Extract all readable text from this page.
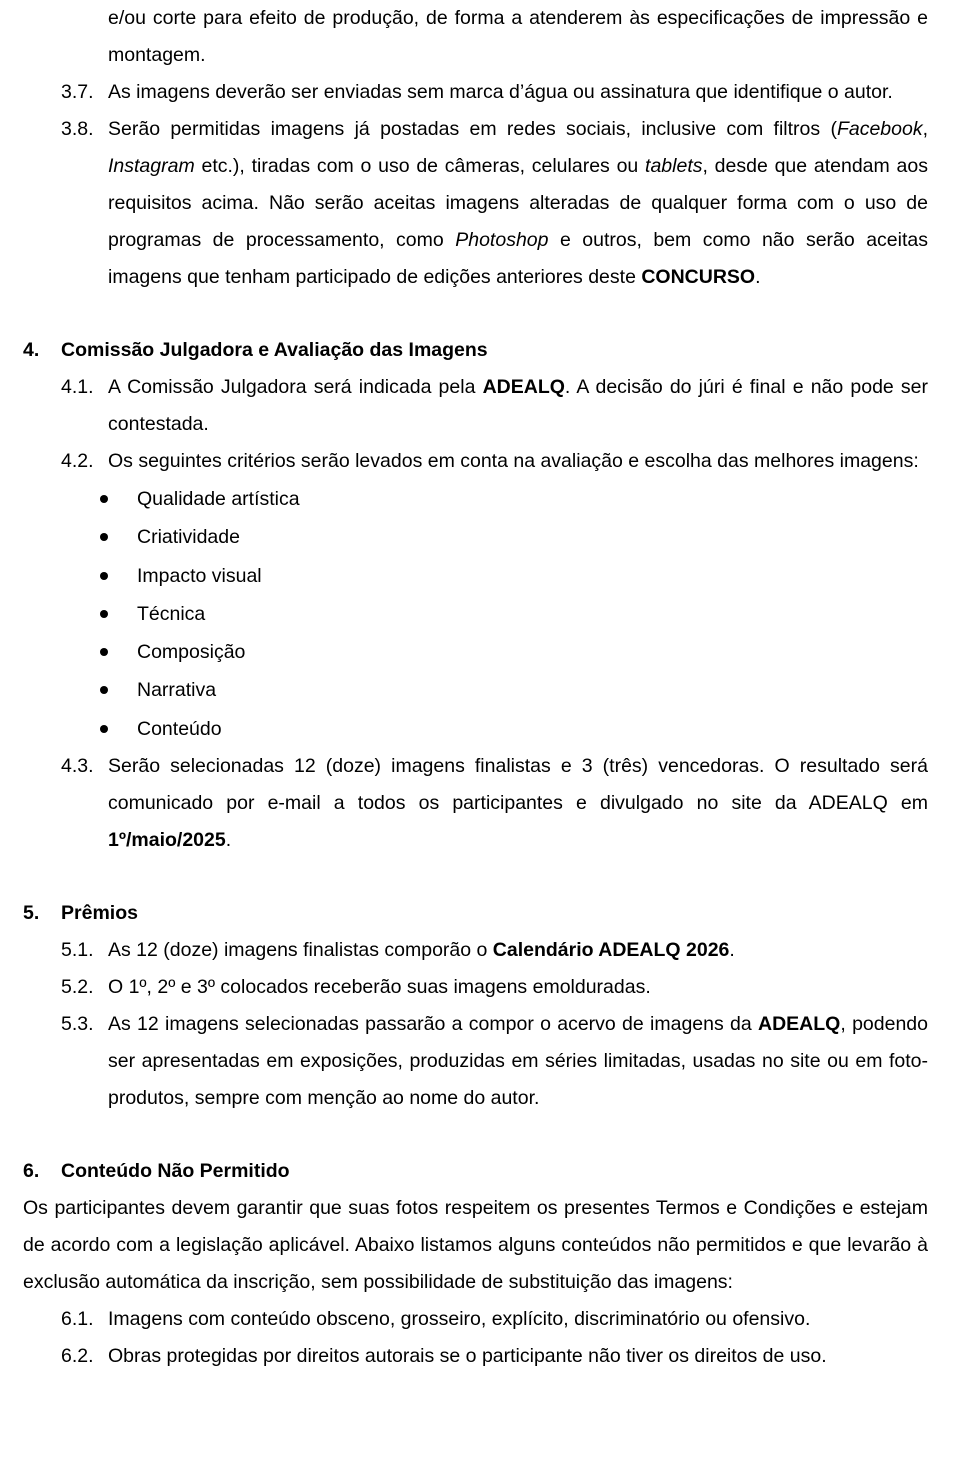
e/ou corte para efeito de produção, de forma a atenderem às especificações de impressão e montagem.
3.7. As imagens deverão ser enviadas sem marca d’água ou assinatura que identifique o autor.
3.8. Serão permitidas imagens já postadas em redes sociais, inclusive com filtros (Facebook, Instagram etc.), tiradas com o uso de câmeras, celulares ou tablets, desde que atendam aos requisitos acima. Não serão aceitas imagens alteradas de qualquer forma com o uso de programas de processamento, como Photoshop e outros, bem como não serão aceitas imagens que tenham participado de edições anteriores deste CONCURSO.
4. Comissão Julgadora e Avaliação das Imagens
4.1. A Comissão Julgadora será indicada pela ADEALQ. A decisão do júri é final e não pode ser contestada.
4.2. Os seguintes critérios serão levados em conta na avaliação e escolha das melhores imagens:
Qualidade artística
Criatividade
Impacto visual
Técnica
Composição
Narrativa
Conteúdo
4.3. Serão selecionadas 12 (doze) imagens finalistas e 3 (três) vencedoras. O resultado será comunicado por e-mail a todos os participantes e divulgado no site da ADEALQ em 1º/maio/2025.
5. Prêmios
5.1. As 12 (doze) imagens finalistas comporão o Calendário ADEALQ 2026.
5.2. O 1º, 2º e 3º colocados receberão suas imagens emolduradas.
5.3. As 12 imagens selecionadas passarão a compor o acervo de imagens da ADEALQ, podendo ser apresentadas em exposições, produzidas em séries limitadas, usadas no site ou em foto-produtos, sempre com menção ao nome do autor.
6. Conteúdo Não Permitido
Os participantes devem garantir que suas fotos respeitem os presentes Termos e Condições e estejam de acordo com a legislação aplicável. Abaixo listamos alguns conteúdos não permitidos e que levarão à exclusão automática da inscrição, sem possibilidade de substituição das imagens:
6.1. Imagens com conteúdo obsceno, grosseiro, explícito, discriminatório ou ofensivo.
6.2. Obras protegidas por direitos autorais se o participante não tiver os direitos de uso.
